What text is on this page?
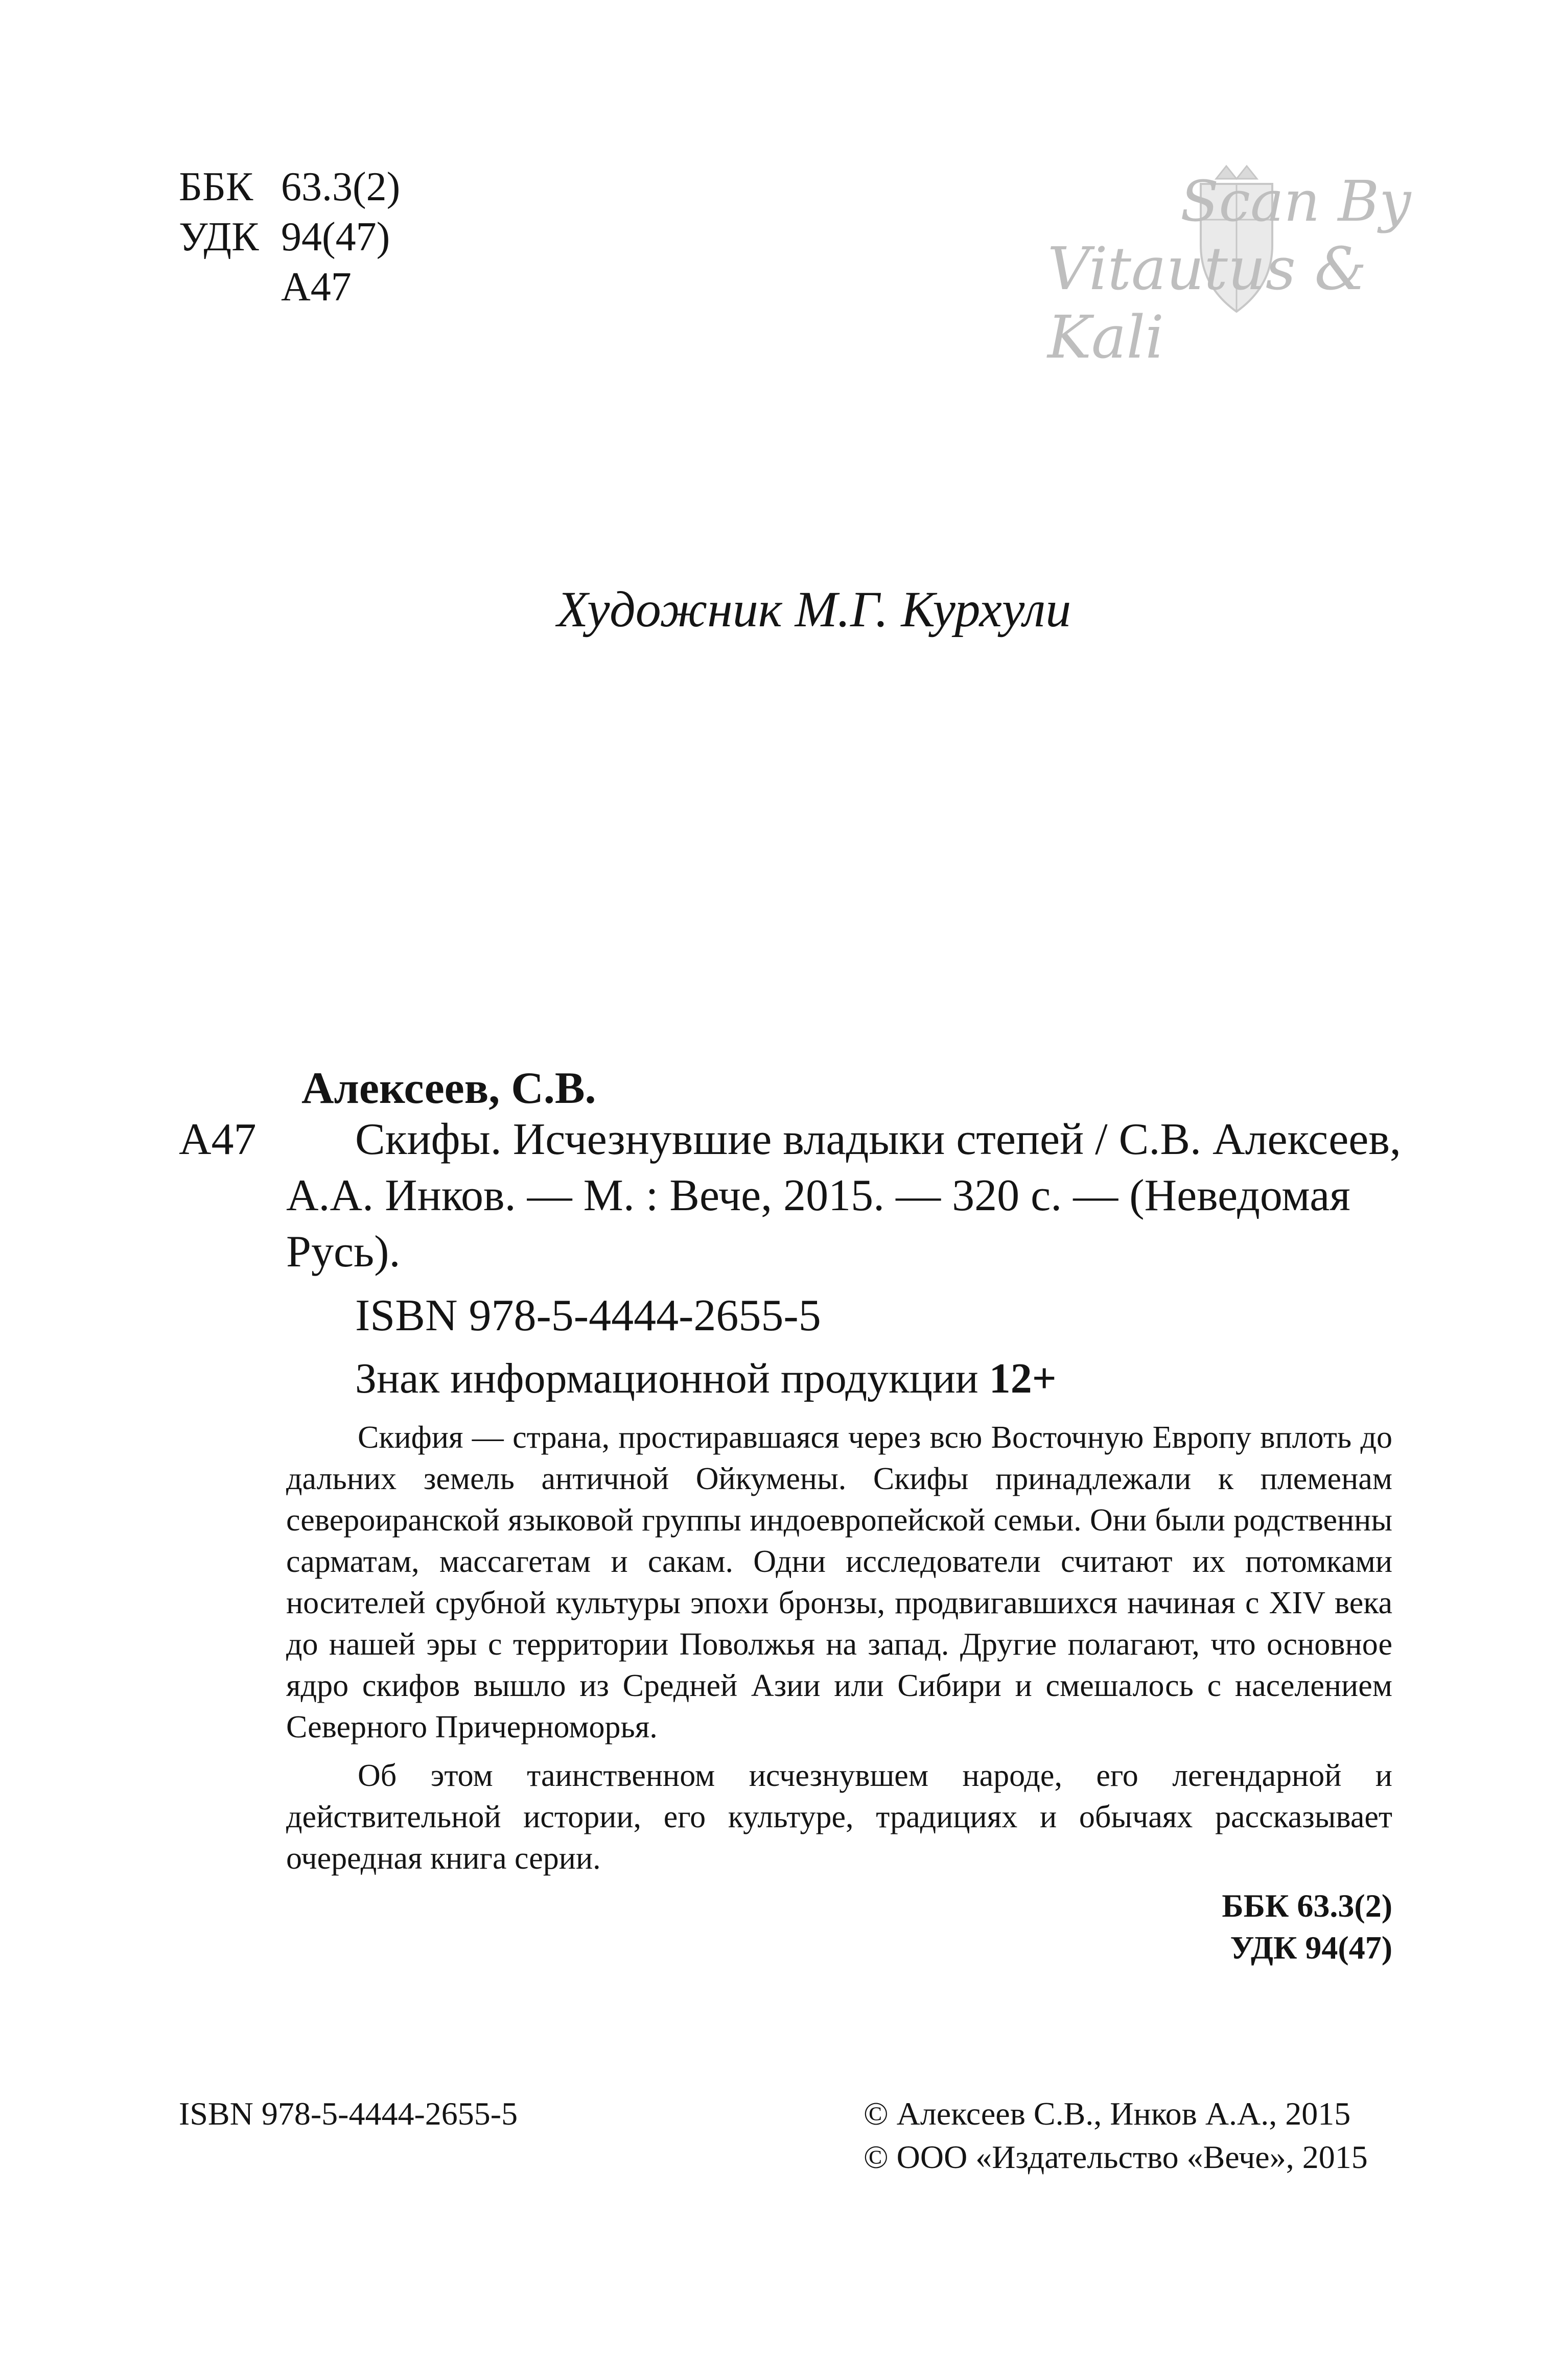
ББК 63.3(2)
УДК 94(47)
А47
Scan By
Vitautus & Kali
Художник М.Г. Курхули
Алексеев, С.В.
А47 Скифы. Исчезнувшие владыки степей / С.В. Алексеев,
А.А. Инков. — М. : Вече, 2015. — 320 с. — (Неведомая
Русь).
ISBN 978-5-4444-2655-5
Знак информационной продукции 12+

Скифия — страна, простиравшаяся через всю Восточную Европу вплоть до дальних земель античной Ойкумены. Скифы принадлежали к племенам североиранской языковой группы индоевропейской семьи. Они были родственны сарматам, массагетам и сакам. Одни исследователи считают их потомками носителей срубной культуры эпохи бронзы, продвигавшихся начиная с XIV века до нашей эры с территории Поволжья на запад. Другие полагают, что основное ядро скифов вышло из Средней Азии или Сибири и смешалось с населением Северного Причерноморья.

Об этом таинственном исчезнувшем народе, его легендарной и действительной истории, его культуре, традициях и обычаях рассказывает очередная книга серии.

ББК 63.3(2)
УДК 94(47)
ISBN 978-5-4444-2655-5	© Алексеев С.В., Инков А.А., 2015
© ООО «Издательство «Вече», 2015
